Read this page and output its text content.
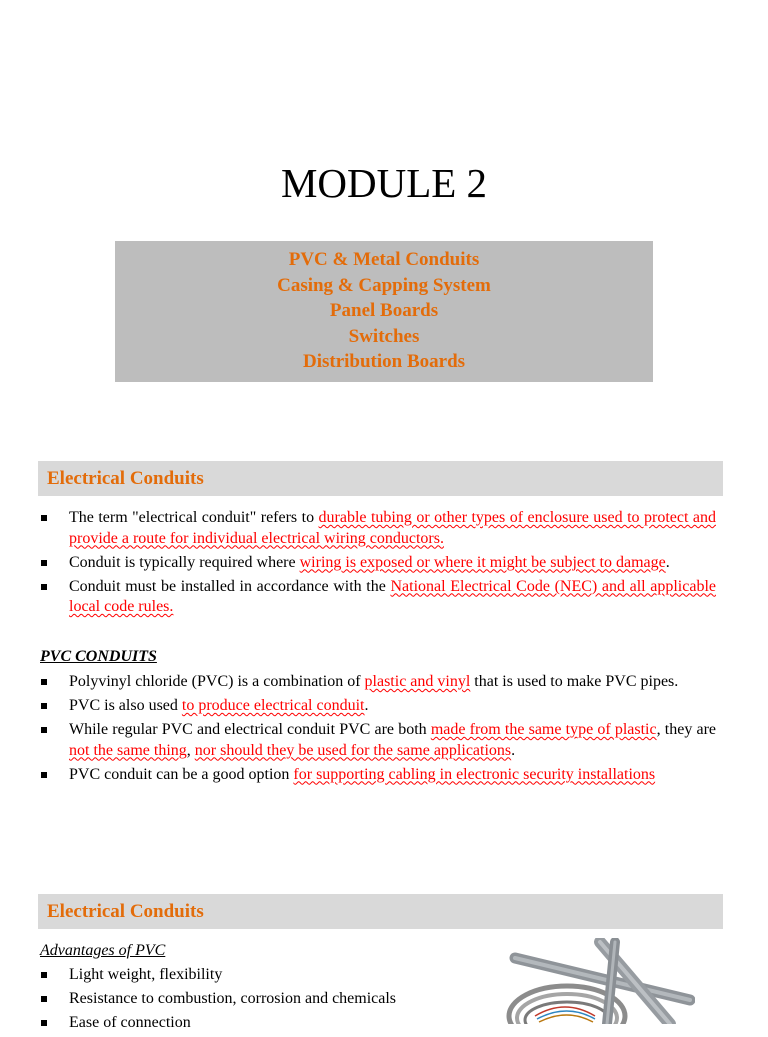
MODULE 2
PVC & Metal Conduits
Casing & Capping System
Panel Boards
Switches
Distribution Boards
Electrical Conduits
The term "electrical conduit" refers to durable tubing or other types of enclosure used to protect and provide a route for individual electrical wiring conductors.
Conduit is typically required where wiring is exposed or where it might be subject to damage.
Conduit must be installed in accordance with the National Electrical Code (NEC) and all applicable local code rules.
PVC CONDUITS
Polyvinyl chloride (PVC) is a combination of plastic and vinyl that is used to make PVC pipes.
PVC is also used to produce electrical conduit.
While regular PVC and electrical conduit PVC are both made from the same type of plastic, they are not the same thing, nor should they be used for the same applications.
PVC conduit can be a good option for supporting cabling in electronic security installations
Electrical Conduits
Advantages of PVC
Light weight, flexibility
Resistance to combustion, corrosion and chemicals
Ease of connection
